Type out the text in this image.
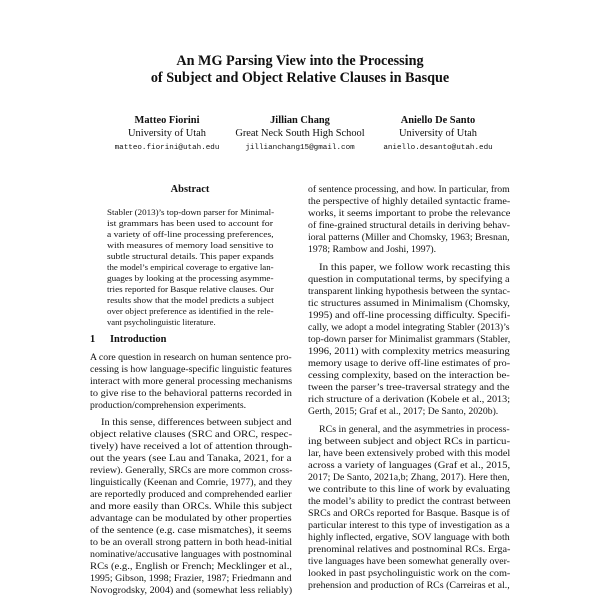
An MG Parsing View into the Processing
of Subject and Object Relative Clauses in Basque
Matteo Fiorini
University of Utah
matteo.fiorini@utah.edu
Jillian Chang
Great Neck South High School
jillianchang15@gmail.com
Aniello De Santo
University of Utah
aniello.desanto@utah.edu
Abstract
Stabler (2013)’s top-down parser for Minimal-
ist grammars has been used to account for
a variety of off-line processing preferences,
with measures of memory load sensitive to
subtle structural details. This paper expands
the model’s empirical coverage to ergative lan-
guages by looking at the processing asymme-
tries reported for Basque relative clauses. Our
results show that the model predicts a subject
over object preference as identified in the rele-
vant psycholinguistic literature.
1 Introduction
A core question in research on human sentence pro-
cessing is how language-specific linguistic features
interact with more general processing mechanisms
to give rise to the behavioral patterns recorded in
production/comprehension experiments.
In this sense, differences between subject and
object relative clauses (SRC and ORC, respec-
tively) have received a lot of attention through-
out the years (see Lau and Tanaka, 2021, for a
review). Generally, SRCs are more common cross-
linguistically (Keenan and Comrie, 1977), and they
are reportedly produced and comprehended earlier
and more easily than ORCs. While this subject
advantage can be modulated by other properties
of the sentence (e.g. case mismatches), it seems
to be an overall strong pattern in both head-initial
nominative/accusative languages with postnominal
RCs (e.g., English or French; Mecklinger et al.,
1995; Gibson, 1998; Frazier, 1987; Friedmann and
Novogrodsky, 2004) and (somewhat less reliably)
of sentence processing, and how. In particular, from
the perspective of highly detailed syntactic frame-
works, it seems important to probe the relevance
of fine-grained structural details in deriving behav-
ioral patterns (Miller and Chomsky, 1963; Bresnan,
1978; Rambow and Joshi, 1997).
In this paper, we follow work recasting this
question in computational terms, by specifying a
transparent linking hypothesis between the syntac-
tic structures assumed in Minimalism (Chomsky,
1995) and off-line processing difficulty. Specifi-
cally, we adopt a model integrating Stabler (2013)’s
top-down parser for Minimalist grammars (Stabler,
1996, 2011) with complexity metrics measuring
memory usage to derive off-line estimates of pro-
cessing complexity, based on the interaction be-
tween the parser’s tree-traversal strategy and the
rich structure of a derivation (Kobele et al., 2013;
Gerth, 2015; Graf et al., 2017; De Santo, 2020b).
RCs in general, and the asymmetries in process-
ing between subject and object RCs in particu-
lar, have been extensively probed with this model
across a variety of languages (Graf et al., 2015,
2017; De Santo, 2021a,b; Zhang, 2017). Here then,
we contribute to this line of work by evaluating
the model’s ability to predict the contrast between
SRCs and ORCs reported for Basque. Basque is of
particular interest to this type of investigation as a
highly inflected, ergative, SOV language with both
prenominal relatives and postnominal RCs. Erga-
tive languages have been somewhat generally over-
looked in past psycholinguistic work on the com-
prehension and production of RCs (Carreiras et al.,
